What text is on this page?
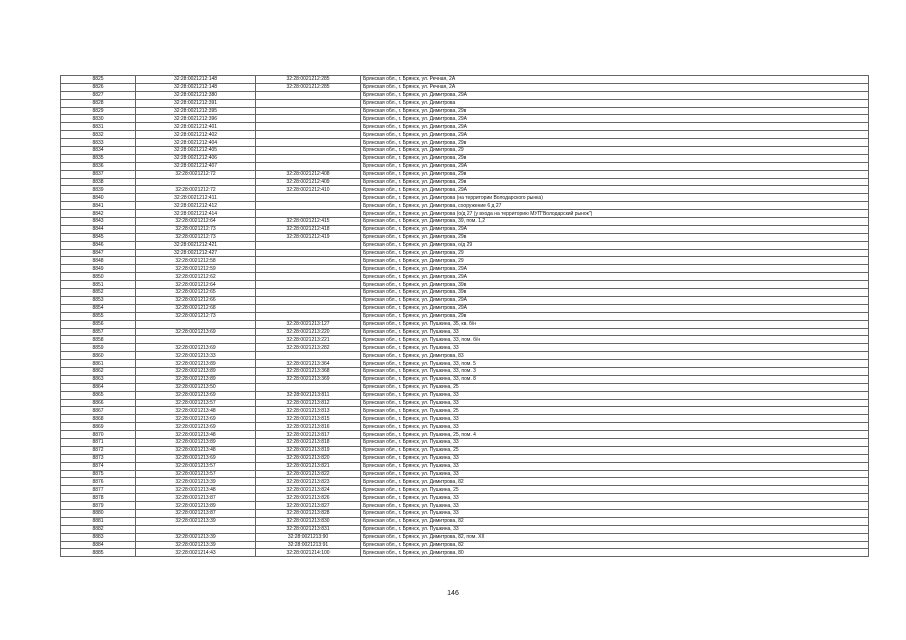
8825	32:28:0021212:148	32:28:0021212:285	Брянская обл., г. Брянск, ул. Речная, 2А
8826	32:28:0021212:148	32:28:0021212:285	Брянская обл., г. Брянск, ул. Речная, 2А
8827	32:28:0021212:380		Брянская обл., г. Брянск, ул. Димитрова, 29А
8828	32:28:0021212:391		Брянская обл., г. Брянск, ул. Димитрова
8829	32:28:0021212:395		Брянская обл., г. Брянск, ул. Димитрова, 29в
8830	32:28:0021212:396		Брянская обл., г. Брянск, ул. Димитрова, 29А
8831	32:28:0021212:401		Брянская обл., г. Брянск, ул. Димитрова, 29А
8832	32:28:0021212:402		Брянская обл., г. Брянск, ул. Димитрова, 29А
8833	32:28:0021212:404		Брянская обл., г. Брянск, ул. Димитрова, 29в
8834	32:28:0021212:405		Брянская обл., г. Брянск, ул. Димитрова, 29
8835	32:28:0021212:406		Брянская обл., г. Брянск, ул. Димитрова, 29в
8836	32:28:0021212:407		Брянская обл., г. Брянск, ул. Димитрова, 29А
8837	32:28:0021212:72	32:28:0021212:408	Брянская обл., г. Брянск, ул. Димитрова, 29в
8838		32:28:0021212:409	Брянская обл., г. Брянск, ул. Димитрова, 29в
8839	32:28:0021212:72	32:28:0021212:410	Брянская обл., г. Брянск, ул. Димитрова, 29А
8840	32:28:0021212:411		Брянская обл., г. Брянск, ул. Димитрова (на территории Володарского рынка)
8841	32:28:0021212:412		Брянская обл., г. Брянск, ул. Димитрова, сооружение 6 д 27
8842	32:28:0021212:414		Брянская обл., г. Брянск, ул. Димитрова (о/д 27 (у входа на территорию МУП"Володарский рынок")
8843	32:28:0021212:64	32:28:0021212:415	Брянская обл., г. Брянск, ул. Димитрова, 39, пом. 1,2
8844	32:28:0021212:73	32:28:0021212:418	Брянская обл., г. Брянск, ул. Димитрова, 29А
8845	32:28:0021212:73	32:28:0021212:419	Брянская обл., г. Брянск, ул. Димитрова, 29в
8846	32:28:0021212:421		Брянская обл., г. Брянск, ул. Димитрова, о/д 29
8847	32:28:0021212:427		Брянская обл., г. Брянск, ул. Димитрова, 29
8848	32:28:0021212:58		Брянская обл., г. Брянск, ул. Димитрова, 29
8849	32:28:0021212:59		Брянская обл., г. Брянск, ул. Димитрова, 29А
8850	32:28:0021212:62		Брянская обл., г. Брянск, ул. Димитрова, 29А
8851	32:28:0021212:64		Брянская обл., г. Брянск, ул. Димитрова, 39в
8852	32:28:0021212:65		Брянская обл., г. Брянск, ул. Димитрова, 39в
8853	32:28:0021212:66		Брянская обл., г. Брянск, ул. Димитрова, 29А
8854	32:28:0021212:68		Брянская обл., г. Брянск, ул. Димитрова, 29А
8855	32:28:0021212:73		Брянская обл., г. Брянск, ул. Димитрова, 29в
8856		32:28:0021213:127	Брянская обл., г. Брянск, ул. Пушкина, 35, кв. б/н
8857	32:28:0021213:69	32:28:0021213:220	Брянская обл., г. Брянск, ул. Пушкина, 33
8858		32:28:0021213:221	Брянская обл., г. Брянск, ул. Пушкина, 33, пом. б/н
8859	32:28:0021213:69	32:28:0021213:282	Брянская обл., г. Брянск, ул. Пушкина, 33
8860	32:28:0021213:33		Брянская обл., г. Брянск, ул. Димитрова, 83
8861	32:28:0021213:89	32:28:0021213:364	Брянская обл., г. Брянск, ул. Пушкина, 33, пом. 5
8862	32:28:0021213:89	32:28:0021213:368	Брянская обл., г. Брянск, ул. Пушкина, 33, пом. 3
8863	32:28:0021213:89	32:28:0021213:369	Брянская обл., г. Брянск, ул. Пушкина, 33, пом. 8
8864	32:28:0021213:50		Брянская обл., г. Брянск, ул. Пушкина, 25
8865	32:28:0021213:69	32:28:0021213:811	Брянская обл., г. Брянск, ул. Пушкина, 33
8866	32:28:0021213:57	32:28:0021213:812	Брянская обл., г. Брянск, ул. Пушкина, 33
8867	32:28:0021213:48	32:28:0021213:813	Брянская обл., г. Брянск, ул. Пушкина, 25
8868	32:28:0021213:69	32:28:0021213:815	Брянская обл., г. Брянск, ул. Пушкина, 33
8869	32:28:0021213:69	32:28:0021213:816	Брянская обл., г. Брянск, ул. Пушкина, 33
8870	32:28:0021213:48	32:28:0021213:817	Брянская обл., г. Брянск, ул. Пушкина, 25, пом. 4
8871	32:28:0021213:89	32:28:0021213:818	Брянская обл., г. Брянск, ул. Пушкина, 33
8872	32:28:0021213:48	32:28:0021213:819	Брянская обл., г. Брянск, ул. Пушкина, 25
8873	32:28:0021213:69	32:28:0021213:820	Брянская обл., г. Брянск, ул. Пушкина, 33
8874	32:28:0021213:57	32:28:0021213:821	Брянская обл., г. Брянск, ул. Пушкина, 33
8875	32:28:0021213:57	32:28:0021213:822	Брянская обл., г. Брянск, ул. Пушкина, 33
8876	32:28:0021213:39	32:28:0021213:823	Брянская обл., г. Брянск, ул. Димитрова, 82
8877	32:28:0021213:48	32:28:0021213:824	Брянская обл., г. Брянск, ул. Пушкина, 25
8878	32:28:0021213:87	32:28:0021213:826	Брянская обл., г. Брянск, ул. Пушкина, 33
8879	32:28:0021213:89	32:28:0021213:827	Брянская обл., г. Брянск, ул. Пушкина, 33
8880	32:28:0021213:87	32:28:0021213:828	Брянская обл., г. Брянск, ул. Пушкина, 33
8881	32:28:0021213:39	32:28:0021213:830	Брянская обл., г. Брянск, ул. Димитрова, 82
8882		32:28:0021213:831	Брянская обл., г. Брянск, ул. Пушкина, 33
8883	32:28:0021213:39	32:28:0021213:90	Брянская обл., г. Брянск, ул. Димитрова, 82, пом. XII
8884	32:28:0021213:39	32:28:0021213:91	Брянская обл., г. Брянск, ул. Димитрова, 82
8885	32:28:0021214:43	32:28:0021214:100	Брянская обл., г. Брянск, ул. Димитрова, 80
146
